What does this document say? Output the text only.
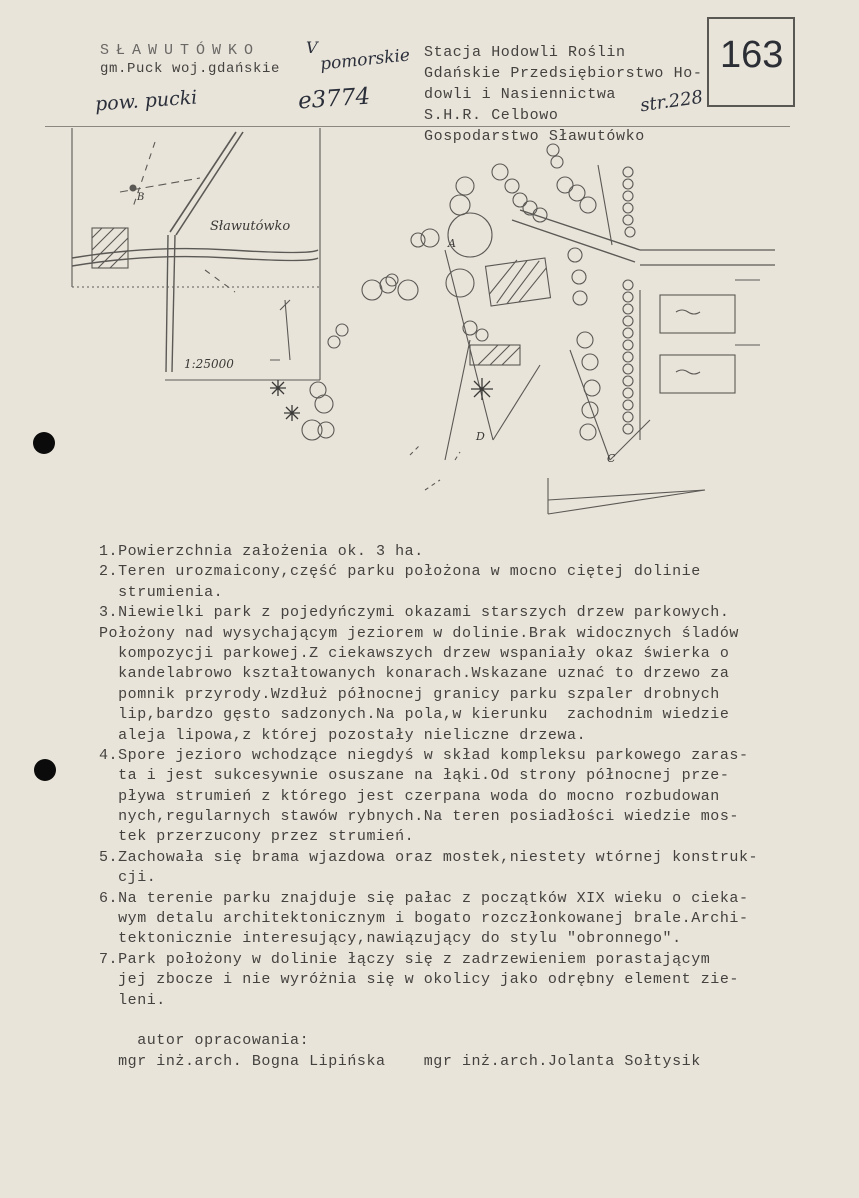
SŁAWUTÓWKO
gm.Puck woj.gdańskie
V	Stacja Hodowli Roślin
Gdańskie Przedsiębiorstwo Ho-
dowli i Nasiennictwa
S.H.R. Celbowo
Gospodarstwo Sławutówko
163
pomorskie
pow. pucki	e3774	str.228
Sławutówko
1:25000
A
B
C
D
1.Powierzchnia założenia ok. 3 ha.
2.Teren urozmaicony,część parku położona w mocno ciętej dolinie
strumienia.
3.Niewielki park z pojedyńczymi okazami starszych drzew parkowych.
Położony nad wysychającym jeziorem w dolinie.Brak widocznych śladów
kompozycji parkowej.Z ciekawszych drzew wspaniały okaz świerka o
kandelabrowo kształtowanych konarach.Wskazane uznać to drzewo za
pomnik przyrody.Wzdłuż północnej granicy parku szpaler drobnych
lip,bardzo gęsto sadzonych.Na pola,w kierunku  zachodnim wiedzie
aleja lipowa,z której pozostały nieliczne drzewa.
4.Spore jezioro wchodzące niegdyś w skład kompleksu parkowego zaras-
ta i jest sukcesywnie osuszane na łąki.Od strony północnej prze-
pływa strumień z którego jest czerpana woda do mocno rozbudowan
nych,regularnych stawów rybnych.Na teren posiadłości wiedzie mos-
tek przerzucony przez strumień.
5.Zachowała się brama wjazdowa oraz mostek,niestety wtórnej konstruk-
cji.
6.Na terenie parku znajduje się pałac z początków XIX wieku o cieka-
wym detalu architektonicznym i bogato rozczłonkowanej brale.Archi-
tektonicznie interesujący,nawiązujący do stylu "obronnego".
7.Park położony w dolinie łączy się z zadrzewieniem porastającym
jej zbocze i nie wyróżnia się w okolicy jako odrębny element zie-
leni.
autor opracowania:
mgr inż.arch. Bogna Lipińska    mgr inż.arch.Jolanta Sołtysik
